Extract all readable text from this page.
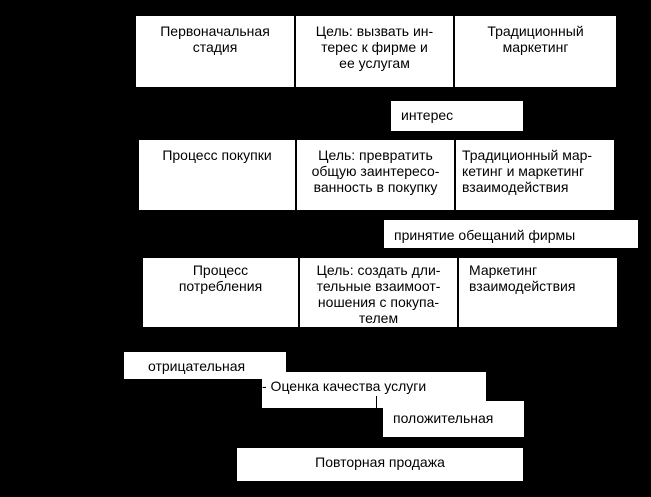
Первоначальная
стадия
Цель: вызвать ин-
терес к фирме и
ее услугам
Традиционный
маркетинг
интерес
Процесс покупки	Цель: превратить
общую заинтересо-
ванность в покупку
Традиционный мар-
кетинг и маркетинг
взаимодействия
принятие обещаний фирмы
Процесс
потребления
Цель: создать дли-
тельные взаимоот-
ношения с покупа-
телем
Маркетинг
взаимодействия
отрицательная
- Оценка качества услуги
положительная
Повторная продажа
